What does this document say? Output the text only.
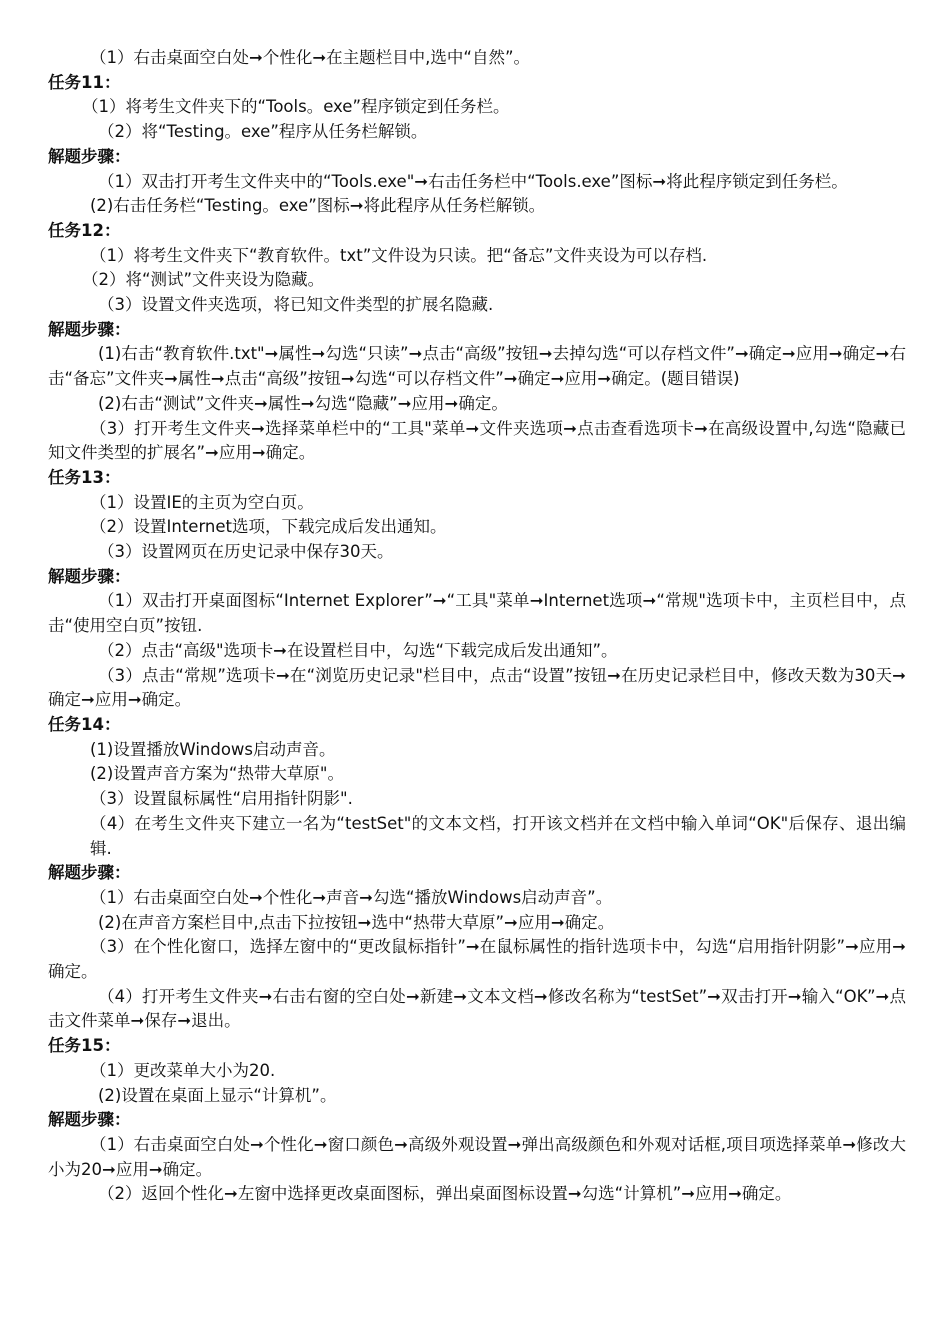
（1）右击桌面空白处➞个性化➞在主题栏目中,选中“自然”。
任务11：
（1）将考生文件夹下的“Tools。exe”程序锁定到任务栏。
（2）将“Testing。exe”程序从任务栏解锁。
解题步骤：
（1）双击打开考生文件夹中的“Tools.exe"➞右击任务栏中“Tools.exe”图标➞将此程序锁定到任务栏。
(2)右击任务栏“Testing。exe”图标➞将此程序从任务栏解锁。
任务12：
（1）将考生文件夹下“教育软件。txt”文件设为只读。把“备忘”文件夹设为可以存档.
（2）将“测试”文件夹设为隐藏。
（3）设置文件夹选项，将已知文件类型的扩展名隐藏.
解题步骤：
(1)右击“教育软件.txt"➞属性➞勾选“只读”➞点击“高级”按钮➞去掉勾选“可以存档文件”➞确定➞应用➞确定➞右击“备忘”文件夹➞属性➞点击“高级”按钮➞勾选“可以存档文件”➞确定➞应用➞确定。(题目错误)
(2)右击“测试”文件夹➞属性➞勾选“隐藏”➞应用➞确定。
（3）打开考生文件夹➞选择菜单栏中的“工具"菜单➞文件夹选项➞点击查看选项卡➞在高级设置中,勾选“隐藏已知文件类型的扩展名”➞应用➞确定。
任务13：
（1）设置IE的主页为空白页。
（2）设置Internet选项，下载完成后发出通知。
（3）设置网页在历史记录中保存30天。
解题步骤：
（1）双击打开桌面图标“Internet Explorer”➞“工具"菜单➞Internet选项➞“常规"选项卡中，主页栏目中，点击“使用空白页”按钮.
（2）点击“高级"选项卡➞在设置栏目中，勾选“下载完成后发出通知”。
（3）点击“常规”选项卡➞在“浏览历史记录"栏目中，点击“设置”按钮➞在历史记录栏目中，修改天数为30天➞确定➞应用➞确定。
任务14：
(1)设置播放Windows启动声音。
(2)设置声音方案为“热带大草原"。
（3）设置鼠标属性“启用指针阴影".
（4）在考生文件夹下建立一名为“testSet"的文本文档，打开该文档并在文档中输入单词“OK"后保存、退出编辑.
解题步骤：
（1）右击桌面空白处➞个性化➞声音➞勾选“播放Windows启动声音”。
(2)在声音方案栏目中,点击下拉按钮➞选中“热带大草原”➞应用➞确定。
（3）在个性化窗口，选择左窗中的“更改鼠标指针”➞在鼠标属性的指针选项卡中，勾选“启用指针阴影”➞应用➞确定。
（4）打开考生文件夹➞右击右窗的空白处➞新建➞文本文档➞修改名称为“testSet”➞双击打开➞输入“OK”➞点击文件菜单➞保存➞退出。
任务15：
（1）更改菜单大小为20.
(2)设置在桌面上显示“计算机”。
解题步骤：
（1）右击桌面空白处➞个性化➞窗口颜色➞高级外观设置➞弹出高级颜色和外观对话框,项目项选择菜单➞修改大小为20➞应用➞确定。
（2）返回个性化➞左窗中选择更改桌面图标，弹出桌面图标设置➞勾选“计算机”➞应用➞确定。
